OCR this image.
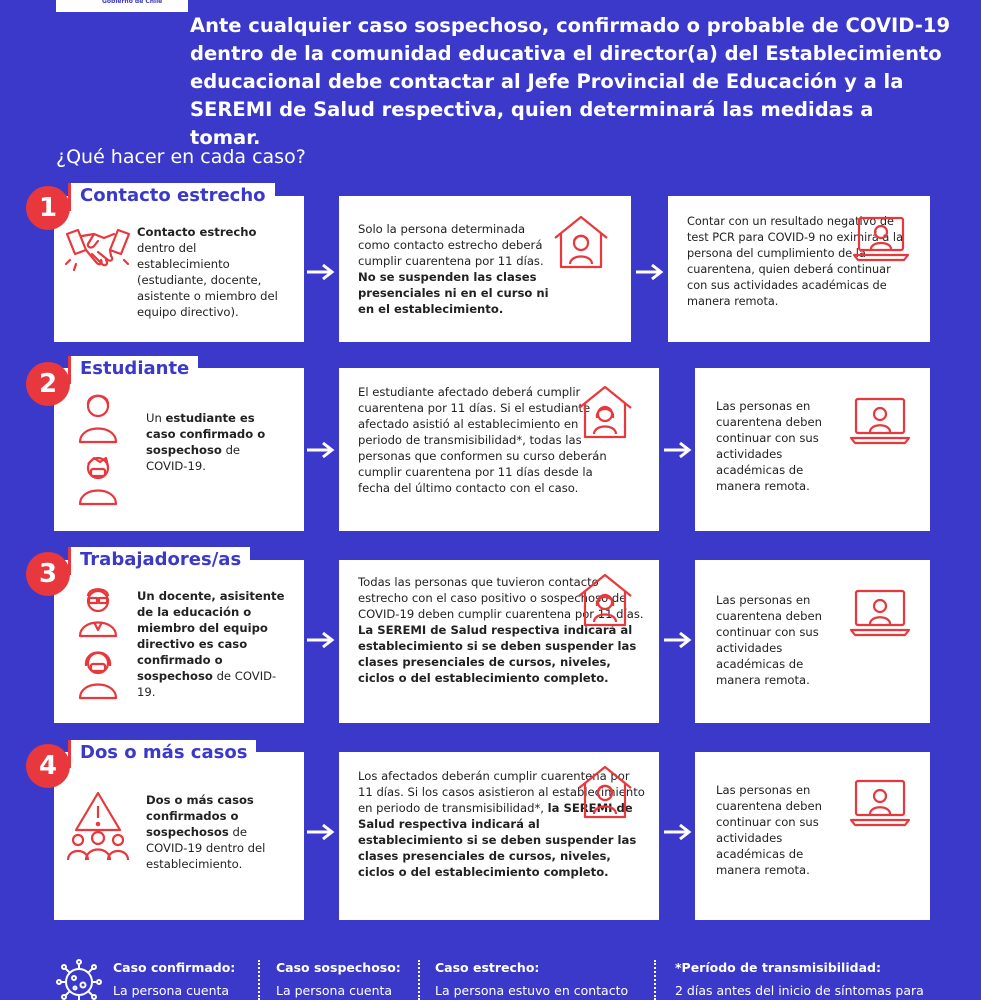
Gobierno de Chile
Ante cualquier caso sospechoso, confirmado o probable de COVID-19 dentro de la comunidad educativa el director(a) del Establecimiento educacional debe contactar al Jefe Provincial de Educación y a la SEREMI de Salud respectiva, quien determinará las medidas a tomar.
¿Qué hacer en cada caso?
1	Contacto estrecho
Contacto estrecho dentro del establecimiento (estudiante, docente, asistente o miembro del equipo directivo).
Solo la persona determinada como contacto estrecho deberá cumplir cuarentena por 11 días. No se suspenden las clases presenciales ni en el curso ni en el establecimiento.
Contar con un resultado negativo de test PCR para COVID-9 no eximirá a la persona del cumplimiento de la cuarentena, quien deberá continuar con sus actividades académicas de manera remota.
2
Estudiante
Un estudiante es caso confirmado o sospechoso de COVID-19.
El estudiante afectado deberá cumplir cuarentena por 11 días. Si el estudiante afectado asistió al establecimiento en periodo de transmisibilidad*, todas las personas que conformen su curso deberán cumplir cuarentena por 11 días desde la fecha del último contacto con el caso.
Las personas en cuarentena deben continuar con sus actividades académicas de manera remota.
3	Trabajadores/as
Un docente, asisitente de la educación o miembro del equipo directivo es caso confirmado o sospechoso de COVID-19.
Todas las personas que tuvieron contacto estrecho con el caso positivo o sospechoso de COVID-19 deben cumplir cuarentena por 11 días. La SEREMI de Salud respectiva indicará al establecimiento si se deben suspender las clases presenciales de cursos, niveles, ciclos o del establecimiento completo.
Las personas en cuarentena deben continuar con sus actividades académicas de manera remota.
4	Dos o más casos
Dos o más casos confirmados o sospechosos de COVID-19 dentro del establecimiento.
Los afectados deberán cumplir cuarentena por 11 días. Si los casos asistieron al establecimiento en periodo de transmisibilidad*, la SEREMI de Salud respectiva indicará al establecimiento si se deben suspender las clases presenciales de cursos, niveles, ciclos o del establecimiento completo.
Las personas en cuarentena deben continuar con sus actividades académicas de manera remota.
Caso confirmado:
La persona cuenta
Caso sospechoso:
La persona cuenta
Caso estrecho:
La persona estuvo en contacto
*Período de transmisibilidad:
2 días antes del inicio de síntomas para
